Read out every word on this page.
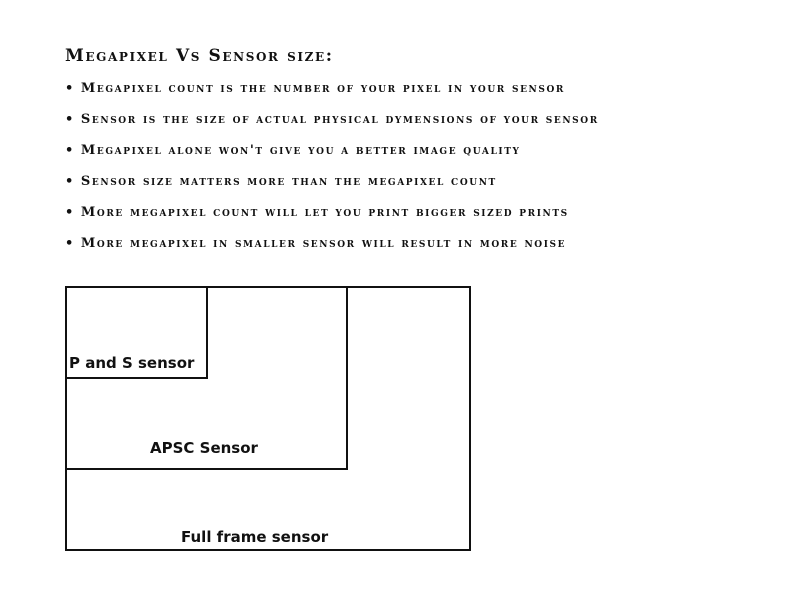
Megapixel Vs Sensor size:
• Megapixel count is the number of your pixel in your sensor
• Sensor is the size of actual physical dymensions of your sensor
• Megapixel alone won't give you a better image quality
• Sensor size matters more than the megapixel count
• More megapixel count will let you print bigger sized prints
• More megapixel in smaller sensor will result in more noise
Full frame sensor
APSC Sensor
P and S sensor
